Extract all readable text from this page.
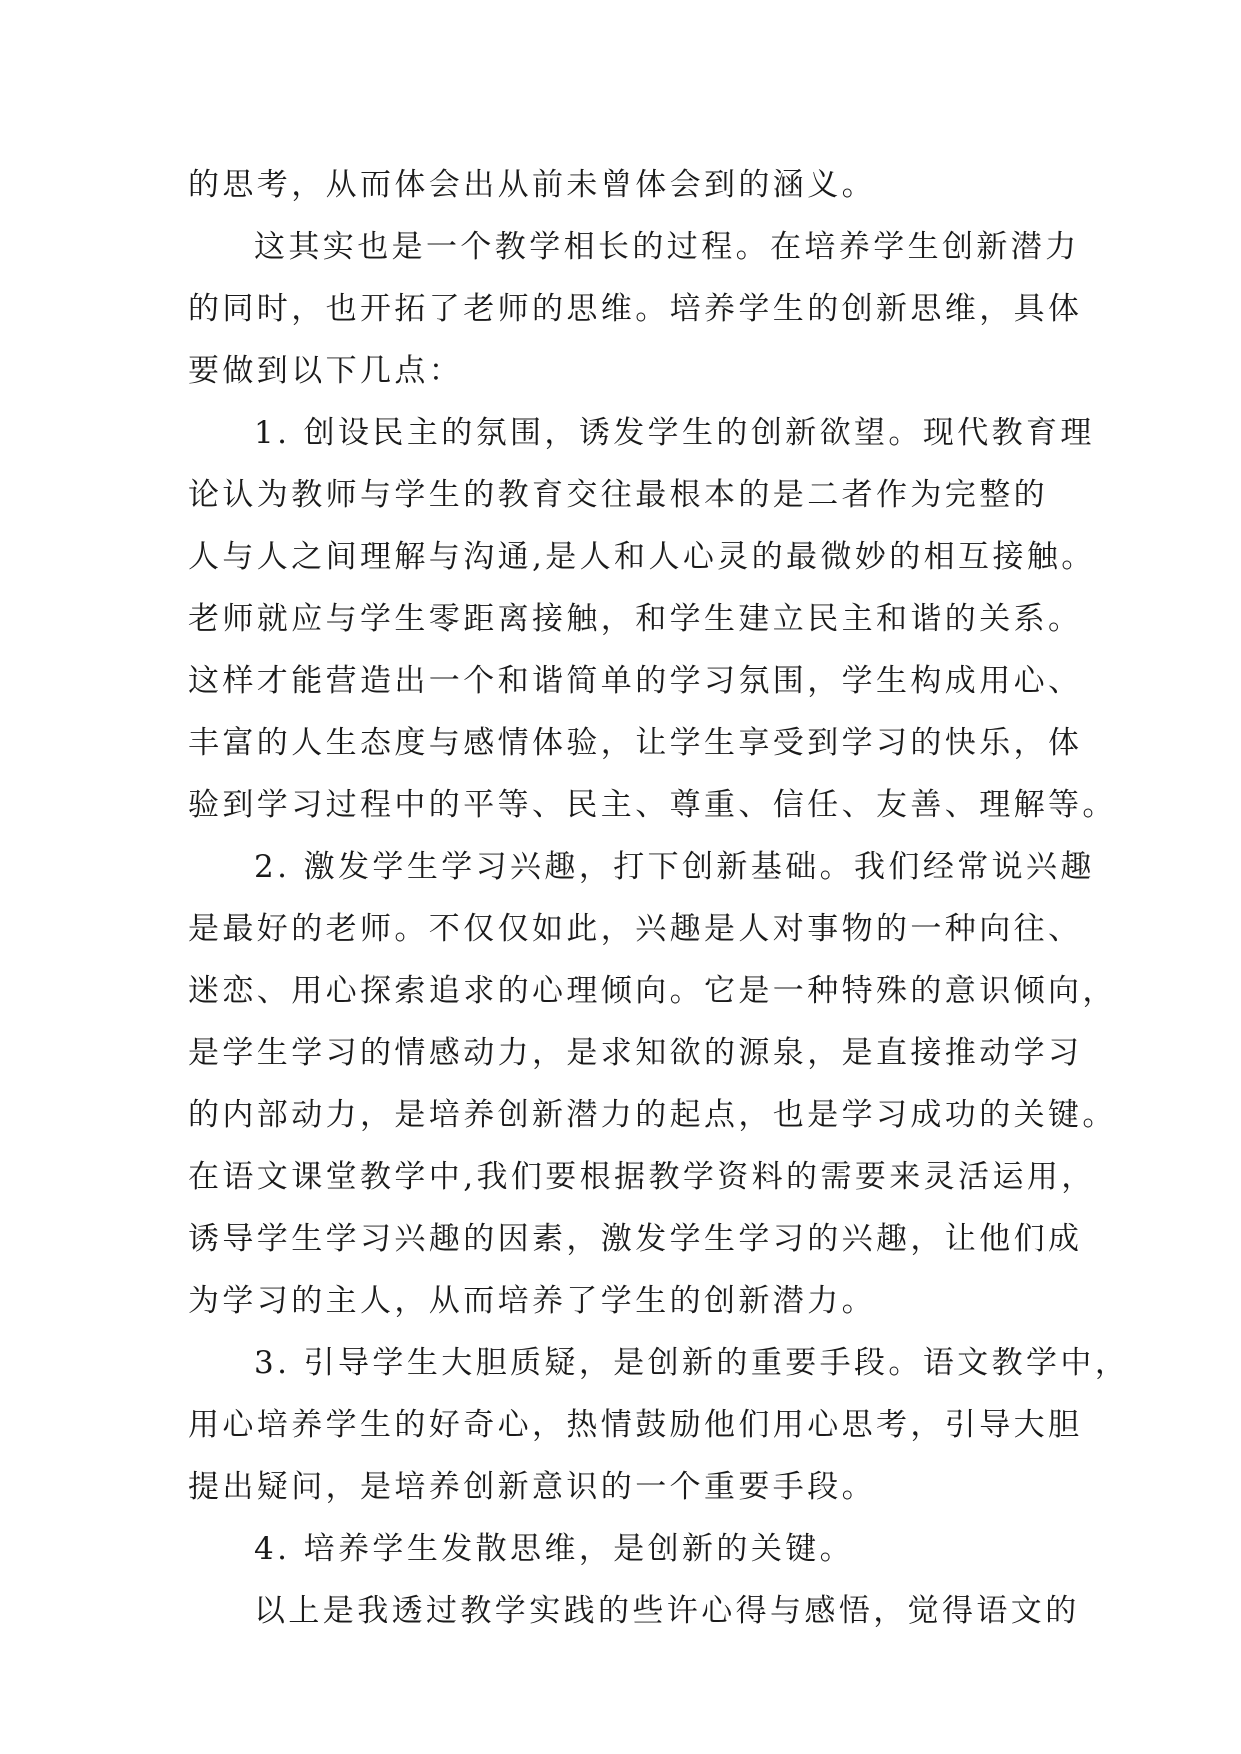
的思考，从而体会出从前未曾体会到的涵义。
这其实也是一个教学相长的过程。在培养学生创新潜力
的同时，也开拓了老师的思维。培养学生的创新思维，具体
要做到以下几点：
1. 创设民主的氛围，诱发学生的创新欲望。现代教育理
论认为教师与学生的教育交往最根本的是二者作为完整的
人与人之间理解与沟通,是人和人心灵的最微妙的相互接触。
老师就应与学生零距离接触，和学生建立民主和谐的关系。
这样才能营造出一个和谐简单的学习氛围，学生构成用心、
丰富的人生态度与感情体验，让学生享受到学习的快乐，体
验到学习过程中的平等、民主、尊重、信任、友善、理解等。
2. 激发学生学习兴趣，打下创新基础。我们经常说兴趣
是最好的老师。不仅仅如此，兴趣是人对事物的一种向往、
迷恋、用心探索追求的心理倾向。它是一种特殊的意识倾向，
是学生学习的情感动力，是求知欲的源泉，是直接推动学习
的内部动力，是培养创新潜力的起点，也是学习成功的关键。
在语文课堂教学中,我们要根据教学资料的需要来灵活运用，
诱导学生学习兴趣的因素，激发学生学习的兴趣，让他们成
为学习的主人，从而培养了学生的创新潜力。
3. 引导学生大胆质疑，是创新的重要手段。语文教学中，
用心培养学生的好奇心，热情鼓励他们用心思考，引导大胆
提出疑问，是培养创新意识的一个重要手段。
4. 培养学生发散思维，是创新的关键。
以上是我透过教学实践的些许心得与感悟，觉得语文的
